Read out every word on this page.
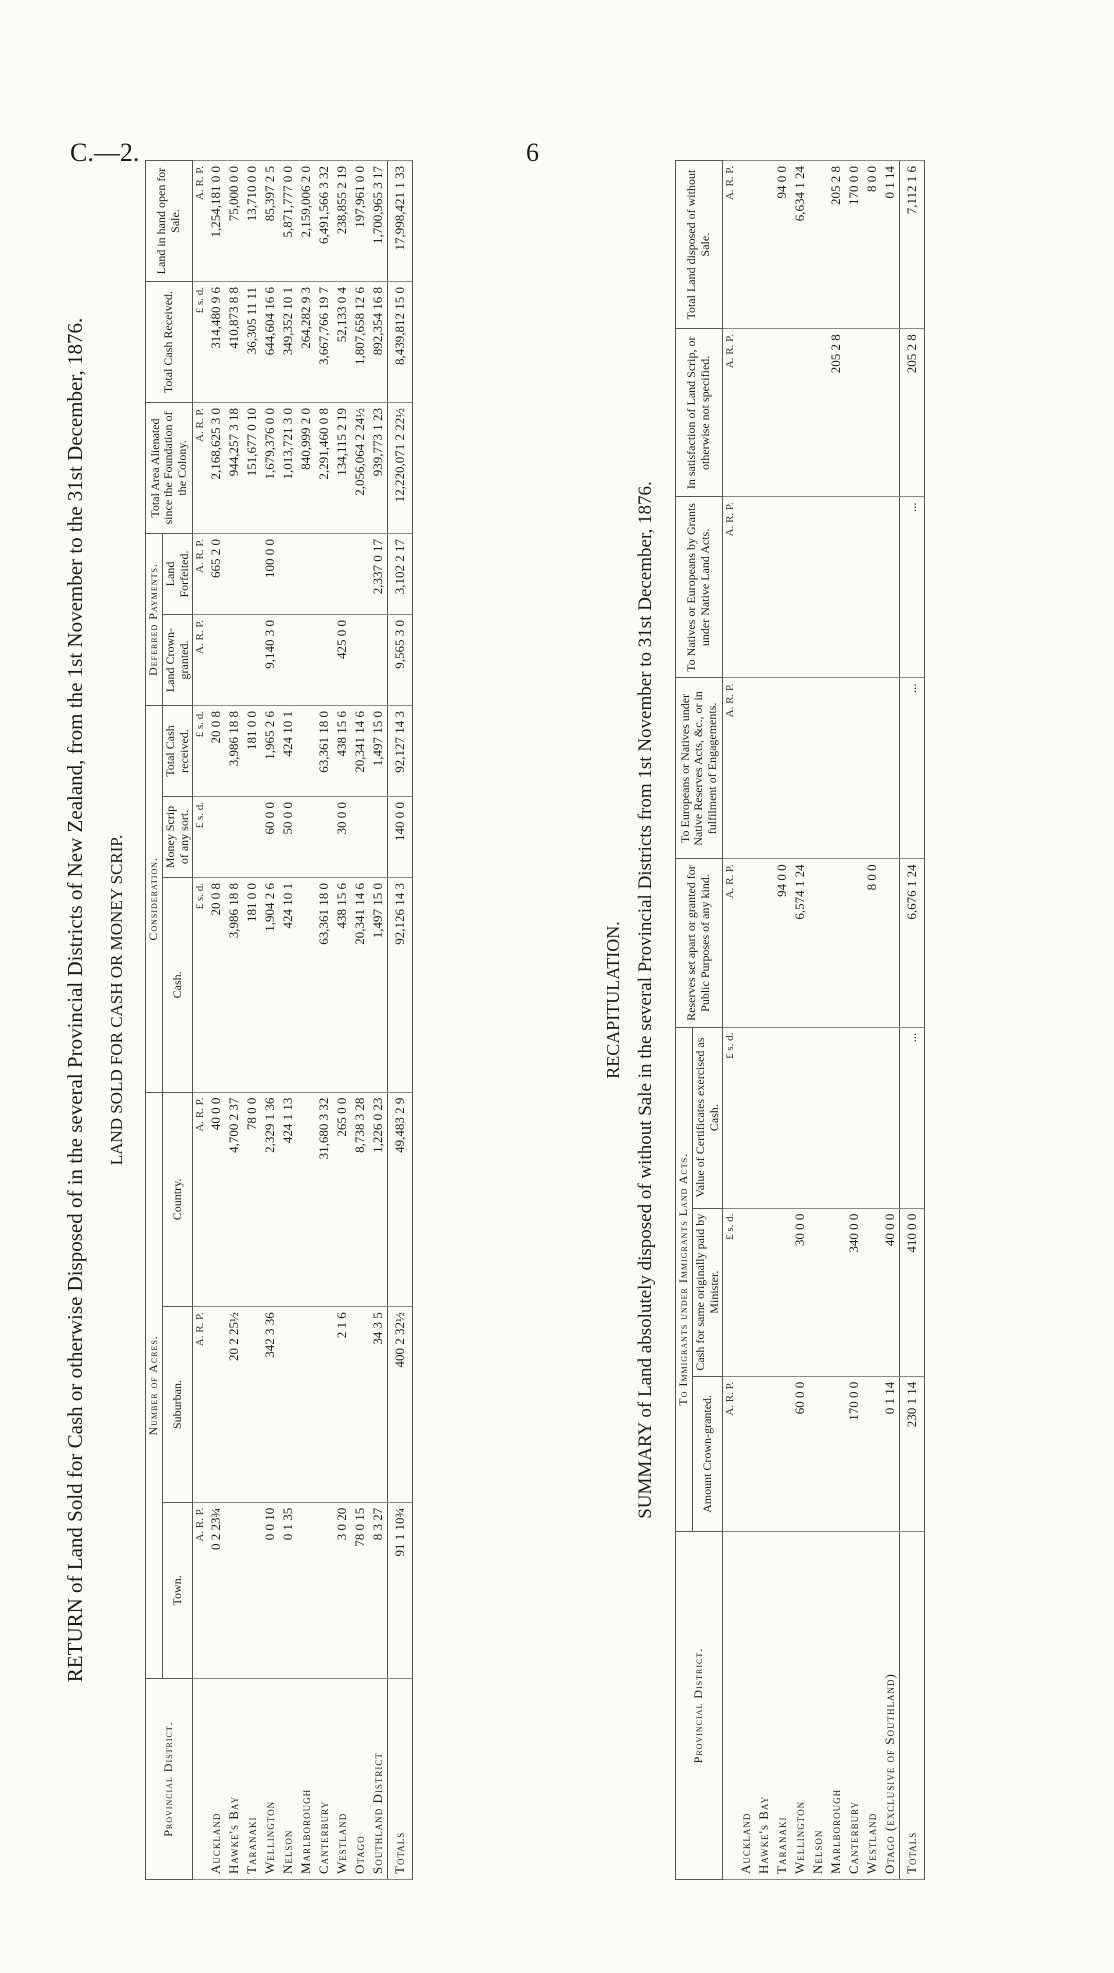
C.—2.	6
RETURN of Land Sold for Cash or otherwise Disposed of in the several Provincial Districts of New Zealand, from the 1st November to the 31st December, 1876. LAND SOLD FOR CASH OR MONEY SCRIP.
Provincial District.	Number of Acres.			Consideration.			Deferred Payments.		Total Area Alienated since the Foundation of the Colony.	Total Cash Received.	Land in hand open for Sale.
	Town.	Suburban.	Country.	Cash.	Money Scrip of any sort.	Total Cash received.	Land Crown-granted.	Land Forfeited.			
	A. R. P.	A. R. P.	A. R. P.	£ s. d.	£ s. d.	£ s. d.	A. R. P.	A. R. P.	A. R. P.	£ s. d.	A. R. P.
Auckland	0 2 23¾		40 0 0	20 0 8		20 0 8		665 2 0	2,168,625 3 0	314,480 9 6	1,254,181 0 0
Hawke's Bay		20 2 25½	4,700 2 37	3,986 18 8		3,986 18 8			944,257 3 18	410,873 8 8	75,000 0 0
Taranaki			78 0 0	181 0 0		181 0 0			151,677 0 10	36,305 11 11	13,710 0 0
Wellington	0 0 10	342 3 36	2,329 1 36	1,904 2 6	60 0 0	1,965 2 6	9,140 3 0	100 0 0	1,679,376 0 0	644,604 16 6	85,397 2 5
Nelson	0 1 35		424 1 13	424 10 1	50 0 0	424 10 1			1,013,721 3 0	349,352 10 1	5,871,777 0 0
Marlborough									840,999 2 0	264,282 9 3	2,159,006 2 0
Canterbury			31,680 3 32	63,361 18 0		63,361 18 0			2,291,460 0 8	3,667,766 19 7	6,491,566 3 32
Westland	3 0 20	2 1 6	265 0 0	438 15 6	30 0 0	438 15 6	425 0 0		134,115 2 19	52,133 0 4	238,855 2 19
Otago	78 0 15		8,738 3 28	20,341 14 6		20,341 14 6			2,056,064 2 24½	1,807,658 12 6	197,961 0 0
Southland District	8 3 27	34 3 5	1,226 0 23	1,497 15 0		1,497 15 0		2,337 0 17	939,773 1 23	892,354 16 8	1,700,965 3 17
Totals	91 1 10¾	400 2 32½	49,483 2 9	92,126 14 3	140 0 0	92,127 14 3	9,565 3 0	3,102 2 17	12,220,071 2 22½	8,439,812 15 0	17,998,421 1 33
RECAPITULATION. SUMMARY of Land absolutely disposed of without Sale in the several Provincial Districts from 1st November to 31st December, 1876.
Provincial District.	To Immigrants under Immigrants Land Acts.			Reserves set apart or granted for Public Purposes of any kind.	To Europeans or Natives under Native Reserves Acts, &c., or in fulfilment of Engagements.	To Natives or Europeans by Grants under Native Land Acts.	In satisfaction of Land Scrip, or otherwise not specified.	Total Land disposed of without Sale.
	Amount Crown-granted.	Cash for same originally paid by Minister.	Value of Certificates exercised as Cash.					
	A. R. P.	£ s. d.	£ s. d.	A. R. P.	A. R. P.	A. R. P.	A. R. P.	A. R. P.
Auckland								
Hawke's Bay								
Taranaki				94 0 0				94 0 0
Wellington	60 0 0	30 0 0		6,574 1 24				6,634 1 24
Nelson								
Marlborough							205 2 8	205 2 8
Canterbury	170 0 0	340 0 0						170 0 0
Westland				8 0 0				8 0 0
Otago (exclusive of Southland)	0 1 14	40 0 0						0 1 14
Totals	230 1 14	410 0 0	...	6,676 1 24	...	...	205 2 8	7,112 1 6
